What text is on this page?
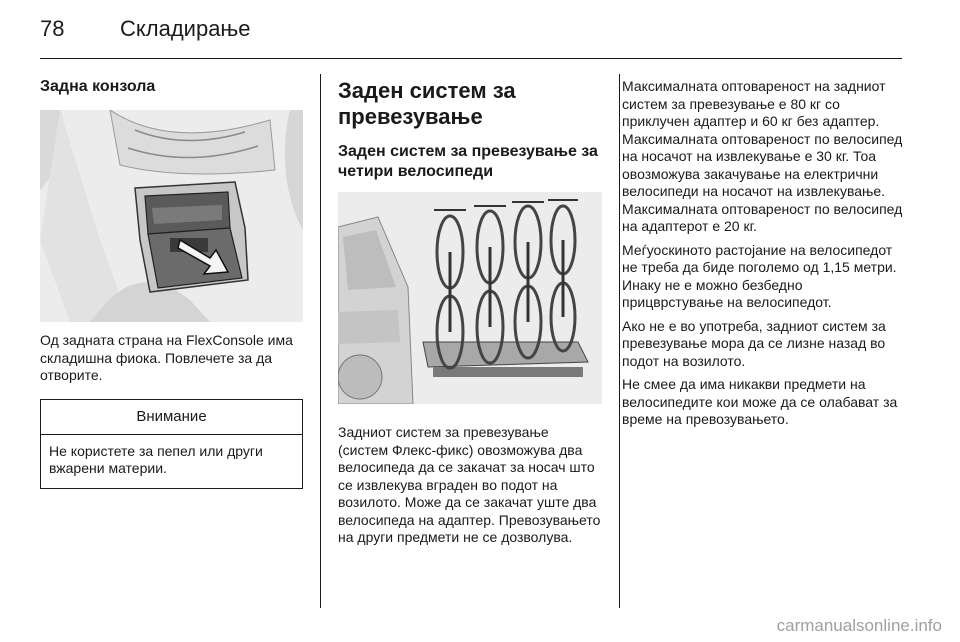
78	Складирање
Задна конзола

Од задната страна на FlexConsole има складишна фиока. Повлечете за да отворите.

Внимание

Не користете за пепел или други вжарени материи.

Заден систем за превезување
Заден систем за превезување за четири велосипеди

Задниот систем за превезување (систем Флекс-фикс) овозможува два велосипеда да се закачат за носач што се извлекува вграден во подот на возилото. Може да се закачат уште два велосипеда на адаптер. Превозувањето на други предмети не се дозволува.

Максималната оптовареност на задниот систем за превезување е 80 кг со приклучен адаптер и 60 кг без адаптер. Максималната оптовареност по велосипед на носачот на извлекување е 30 кг. Тоа овозможува закачување на електрични велосипеди на носачот на извлекување. Максималната оптовареност по велосипед на адаптерот е 20 кг.

Меѓуоскиното растојание на велосипедот не треба да биде поголемо од 1,15 метри. Инаку не е можно безбедно прицврстување на велосипедот.

Ако не е во употреба, задниот систем за превезување мора да се лизне назад во подот на возилото.

Не смее да има никакви предмети на велосипедите кои може да се олабават за време на превозувањето.

carmanualsonline.info
